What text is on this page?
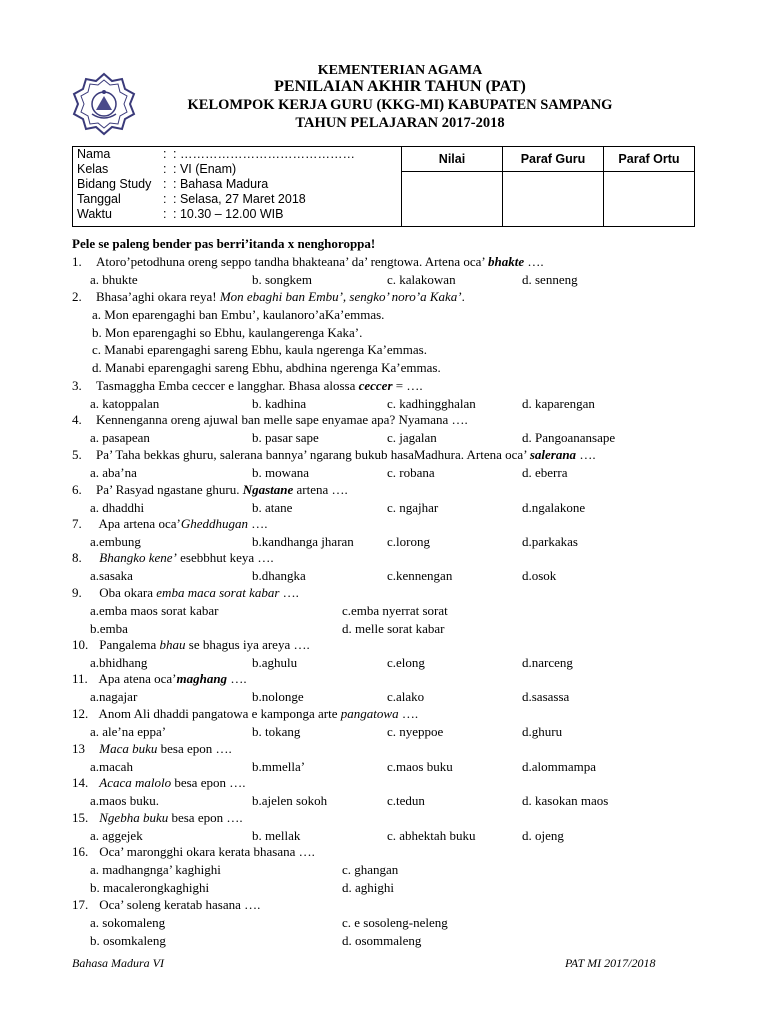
KEMENTERIAN AGAMA
PENILAIAN AKHIR TAHUN (PAT)
KELOMPOK KERJA GURU (KKG-MI) KABUPATEN SAMPANG
TAHUN PELAJARAN 2017-2018
Nama	: : ……………………………………
Kelas	: : VI (Enam)
Bidang Study : : Bahasa Madura
Tanggal	: : Selasa, 27 Maret 2018
Waktu	: : 10.30 – 12.00 WIB
Nilai	Paraf Guru	Paraf Ortu
Pele se paleng bender pas berri’itanda x nenghoroppa!
1. Atoro’petodhuna oreng seppo tandha bhakteana’ da’ rengtowa. Artena oca’ bhakte ….
a. bhukte	b. songkem	c. kalakowan	d. senneng
2. Bhasa’aghi okara reya! Mon ebaghi ban Embu’, sengko’ noro’a Kaka’.
a. Mon eparengaghi ban Embu’, kaulanoro’aKa’emmas.
b. Mon eparengaghi so Ebhu, kaulangerenga Kaka’.
c. Manabi eparengaghi sareng Ebhu, kaula ngerenga Ka’emmas.
d. Manabi eparengaghi sareng Ebhu, abdhina ngerenga Ka’emmas.
3. Tasmaggha Emba ceccer e langghar. Bhasa alossa ceccer = ….
a. katoppalan	b. kadhina	c. kadhingghalan	d. kaparengan
4. Kennenganna oreng ajuwal ban melle sape enyamae apa? Nyamana ….
a. pasapean	b. pasar sape	c. jagalan	d. Pangoanansape
5. Pa’ Taha bekkas ghuru, salerana bannya’ ngarang bukub hasaMadhura. Artena oca’ salerana ….
a. aba’na	b. mowana	c. robana	d. eberra
6. Pa’ Rasyad ngastane ghuru. Ngastane artena ….
a. dhaddhi	b. atane	c. ngajhar	d.ngalakone
7. Apa artena oca’Gheddhugan ….
a.embung	b.kandhanga jharan	c.lorong	d.parkakas
8. Bhangko kene’ esebbhut keya ….
a.sasaka	b.dhangka	c.kennengan	d.osok
9. Oba okara emba maca sorat kabar ….
a.emba maos sorat kabar	c.emba nyerrat sorat
b.emba	d. melle sorat kabar
10. Pangalema bhau se bhagus iya areya ….
a.bhidhang	b.aghulu	c.elong	d.narceng
11. Apa atena oca’maghang ….
a.nagajar	b.nolonge	c.alako	d.sasassa
12. Anom Ali dhaddi pangatowa e kamponga arte pangatowa ….
a. ale’na eppa’	b. tokang	c. nyeppoe	d.ghuru
13 Maca buku besa epon ….
a.macah	b.mmella’	c.maos buku	d.alommampa
14. Acaca malolo besa epon ….
a.maos buku.	b.ajelen sokoh	c.tedun	d. kasokan maos
15. Ngebha buku besa epon ….
a. aggejek	b. mellak	c. abhektah buku	d. ojeng
16. Oca’ marongghi okara kerata bhasana ….
a. madhangnga’ kaghighi	c. ghangan
b. macalerongkaghighi	d. aghighi
17. Oca’ soleng keratab hasana ….
a. sokomaleng	c. e sosoleng-neleng
b. osomkaleng	d. osommaleng
Bahasa Madura VI	PAT MI 2017/2018
